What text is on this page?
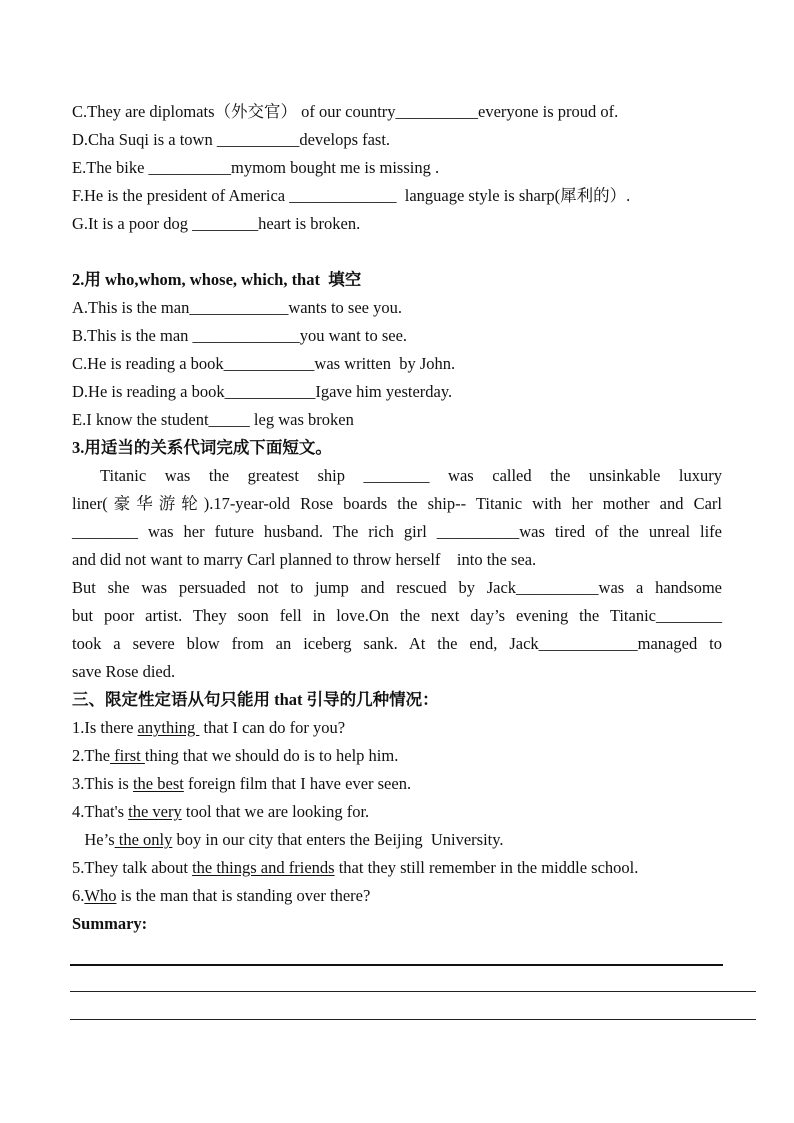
C.They are diplomats（外交官） of our country__________everyone is proud of.
D.Cha Suqi is a town __________develops fast.
E.The bike __________mymom bought me is missing .
F.He is the president of America _____________  language style is sharp(犀利的）.
G.It is a poor dog ________heart is broken.
2.用 who,whom, whose, which, that  填空
A.This is the man____________wants to see you.
B.This is the man _____________you want to see.
C.He is reading a book___________was written  by John.
D.He is reading a book___________Igave him yesterday.
E.I know the student_____ leg was broken
3.用适当的关系代词完成下面短文。
Titanic was the greatest ship ________ was called the unsinkable luxury
liner(豪华游轮).17-year-old Rose boards the ship-- Titanic with her mother and Carl
________ was her future husband. The rich girl __________was tired of the unreal life
and did not want to marry Carl planned to throw herself    into the sea.
But she was persuaded not to jump and rescued by Jack__________was a handsome
but poor artist. They soon fell in love.On the next day’s evening the Titanic________
took a severe blow from an iceberg sank. At the end, Jack____________managed to
save Rose died.
三、限定性定语从句只能用 that 引导的几种情况：
1.Is there anything  that I can do for you?
2.The first thing that we should do is to help him.
3.This is the best foreign film that I have ever seen.
4.That's the very tool that we are looking for.
He’s the only boy in our city that enters the Beijing  University.
5.They talk about the things and friends that they still remember in the middle school.
6.Who is the man that is standing over there?
Summary:
